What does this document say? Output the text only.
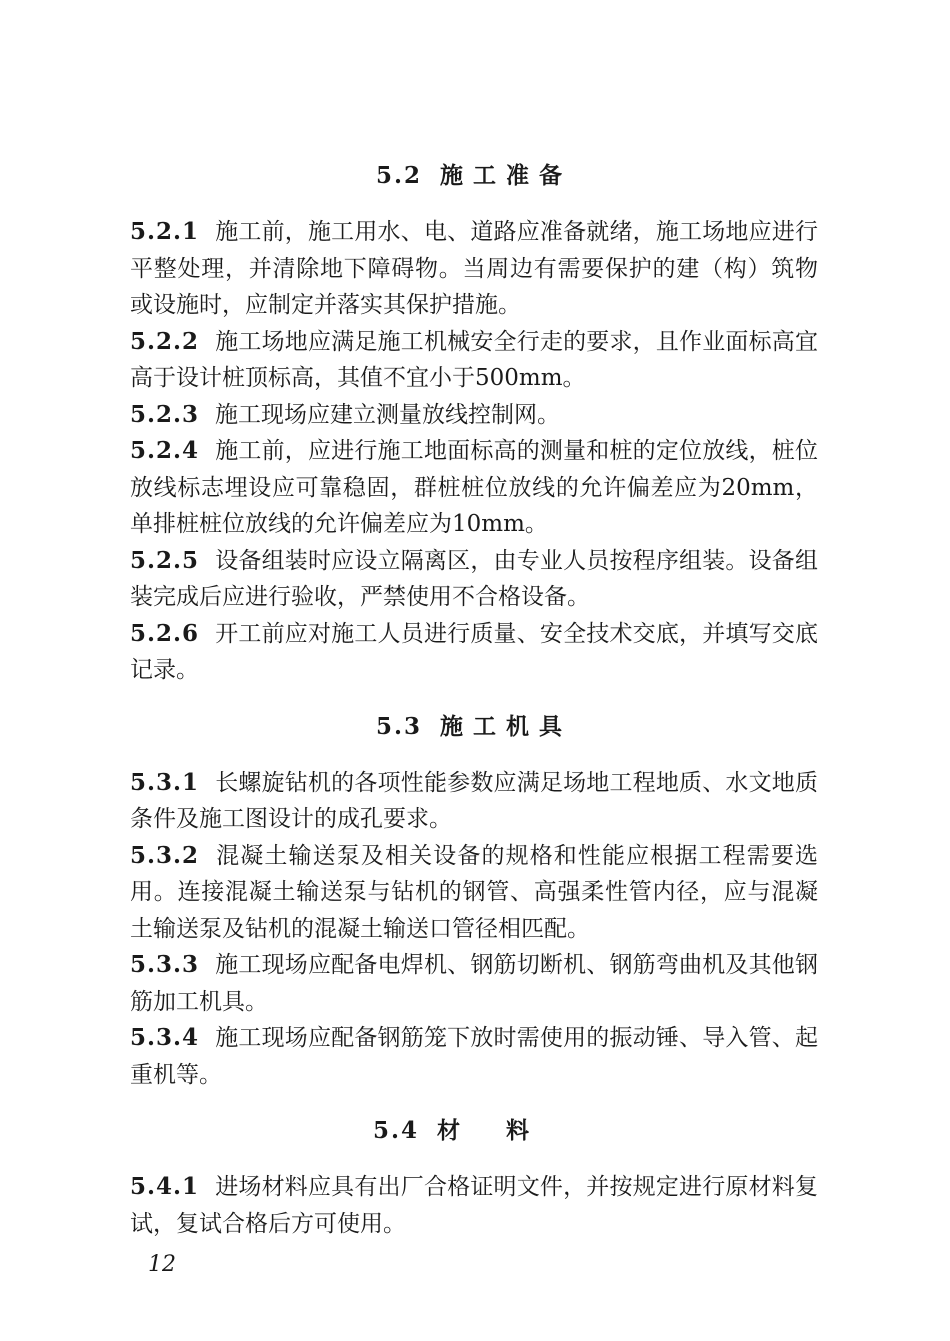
5.2 施工准备

5.2.1 施工前，施工用水、电、道路应准备就绪，施工场地应进行平整处理，并清除地下障碍物。当周边有需要保护的建（构）筑物或设施时，应制定并落实其保护措施。

5.2.2 施工场地应满足施工机械安全行走的要求，且作业面标高宜高于设计桩顶标高，其值不宜小于500mm。

5.2.3 施工现场应建立测量放线控制网。

5.2.4 施工前，应进行施工地面标高的测量和桩的定位放线，桩位放线标志埋设应可靠稳固，群桩桩位放线的允许偏差应为20mm，单排桩桩位放线的允许偏差应为10mm。

5.2.5 设备组装时应设立隔离区，由专业人员按程序组装。设备组装完成后应进行验收，严禁使用不合格设备。

5.2.6 开工前应对施工人员进行质量、安全技术交底，并填写交底记录。

5.3 施工机具

5.3.1 长螺旋钻机的各项性能参数应满足场地工程地质、水文地质条件及施工图设计的成孔要求。

5.3.2 混凝土输送泵及相关设备的规格和性能应根据工程需要选用。连接混凝土输送泵与钻机的钢管、高强柔性管内径，应与混凝土输送泵及钻机的混凝土输送口管径相匹配。

5.3.3 施工现场应配备电焊机、钢筋切断机、钢筋弯曲机及其他钢筋加工机具。

5.3.4 施工现场应配备钢筋笼下放时需使用的振动锤、导入管、起重机等。

5.4 材料

5.4.1 进场材料应具有出厂合格证明文件，并按规定进行原材料复试，复试合格后方可使用。

12
